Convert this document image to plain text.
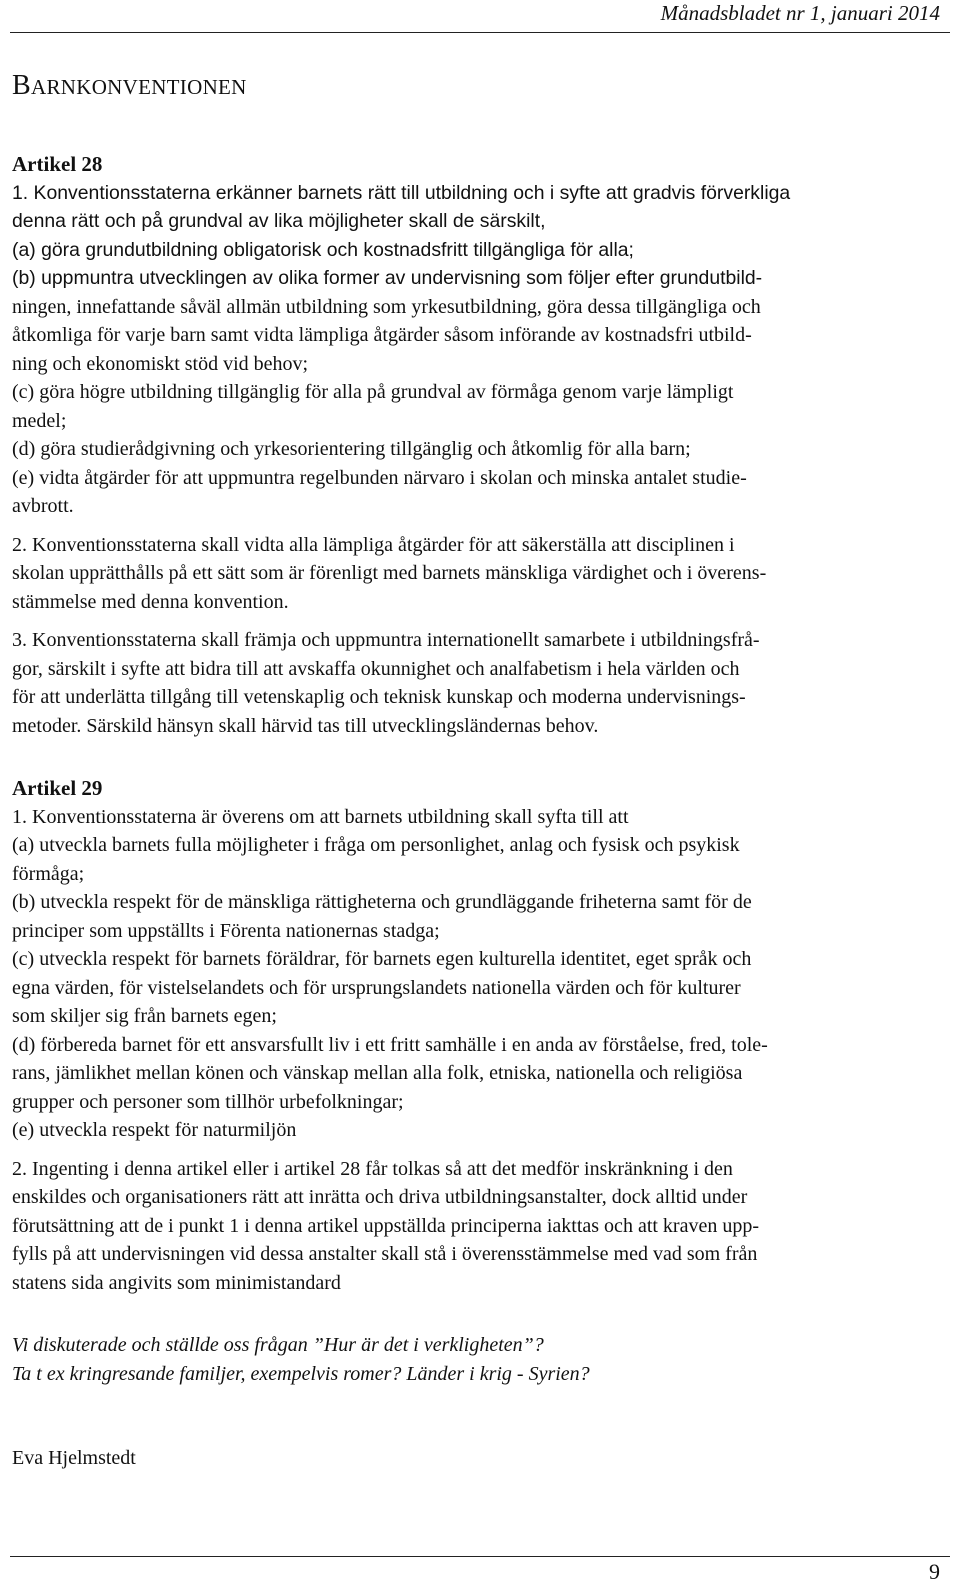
Månadsbladet nr 1, januari 2014
BARNKONVENTIONEN

Artikel 28

1. Konventionsstaterna erkänner barnets rätt till utbildning och i syfte att gradvis förverkliga

denna rätt och på grundval av lika möjligheter skall de särskilt,

(a) göra grundutbildning obligatorisk och kostnadsfritt tillgängliga för alla;

(b) uppmuntra utvecklingen av olika former av undervisning som följer efter grundutbild-

ningen, innefattande såväl allmän utbildning som yrkesutbildning, göra dessa tillgängliga och

åtkomliga för varje barn samt vidta lämpliga åtgärder såsom införande av kostnadsfri utbild-

ning och ekonomiskt stöd vid behov;

(c) göra högre utbildning tillgänglig för alla på grundval av förmåga genom varje lämpligt

medel;

(d) göra studierådgivning och yrkesorientering tillgänglig och åtkomlig för alla barn;

(e) vidta åtgärder för att uppmuntra regelbunden närvaro i skolan och minska antalet studie-

avbrott.

2. Konventionsstaterna skall vidta alla lämpliga åtgärder för att säkerställa att disciplinen i

skolan upprätthålls på ett sätt som är förenligt med barnets mänskliga värdighet och i överens-

stämmelse med denna konvention.

3. Konventionsstaterna skall främja och uppmuntra internationellt samarbete i utbildningsfrå-

gor, särskilt i syfte att bidra till att avskaffa okunnighet och analfabetism i hela världen och

för att underlätta tillgång till vetenskaplig och teknisk kunskap och moderna undervisnings-

metoder. Särskild hänsyn skall härvid tas till utvecklingsländernas behov.

Artikel 29

1. Konventionsstaterna är överens om att barnets utbildning skall syfta till att

(a) utveckla barnets fulla möjligheter i fråga om personlighet, anlag och fysisk och psykisk

förmåga;

(b) utveckla respekt för de mänskliga rättigheterna och grundläggande friheterna samt för de

principer som uppställts i Förenta nationernas stadga;

(c) utveckla respekt för barnets föräldrar, för barnets egen kulturella identitet, eget språk och

egna värden, för vistelselandets och för ursprungslandets nationella värden och för kulturer

som skiljer sig från barnets egen;

(d) förbereda barnet för ett ansvarsfullt liv i ett fritt samhälle i en anda av förståelse, fred, tole-

rans, jämlikhet mellan könen och vänskap mellan alla folk, etniska, nationella och religiösa

grupper och personer som tillhör urbefolkningar;

(e) utveckla respekt för naturmiljön

2. Ingenting i denna artikel eller i artikel 28 får tolkas så att det medför inskränkning i den

enskildes och organisationers rätt att inrätta och driva utbildningsanstalter, dock alltid under

förutsättning att de i punkt 1 i denna artikel uppställda principerna iakttas och att kraven upp-

fylls på att undervisningen vid dessa anstalter skall stå i överensstämmelse med vad som från

statens sida angivits som minimistandard

Vi diskuterade och ställde oss frågan ”Hur är det i verkligheten”?

Ta t ex kringresande familjer, exempelvis romer? Länder i krig - Syrien?

Eva Hjelmstedt

9
